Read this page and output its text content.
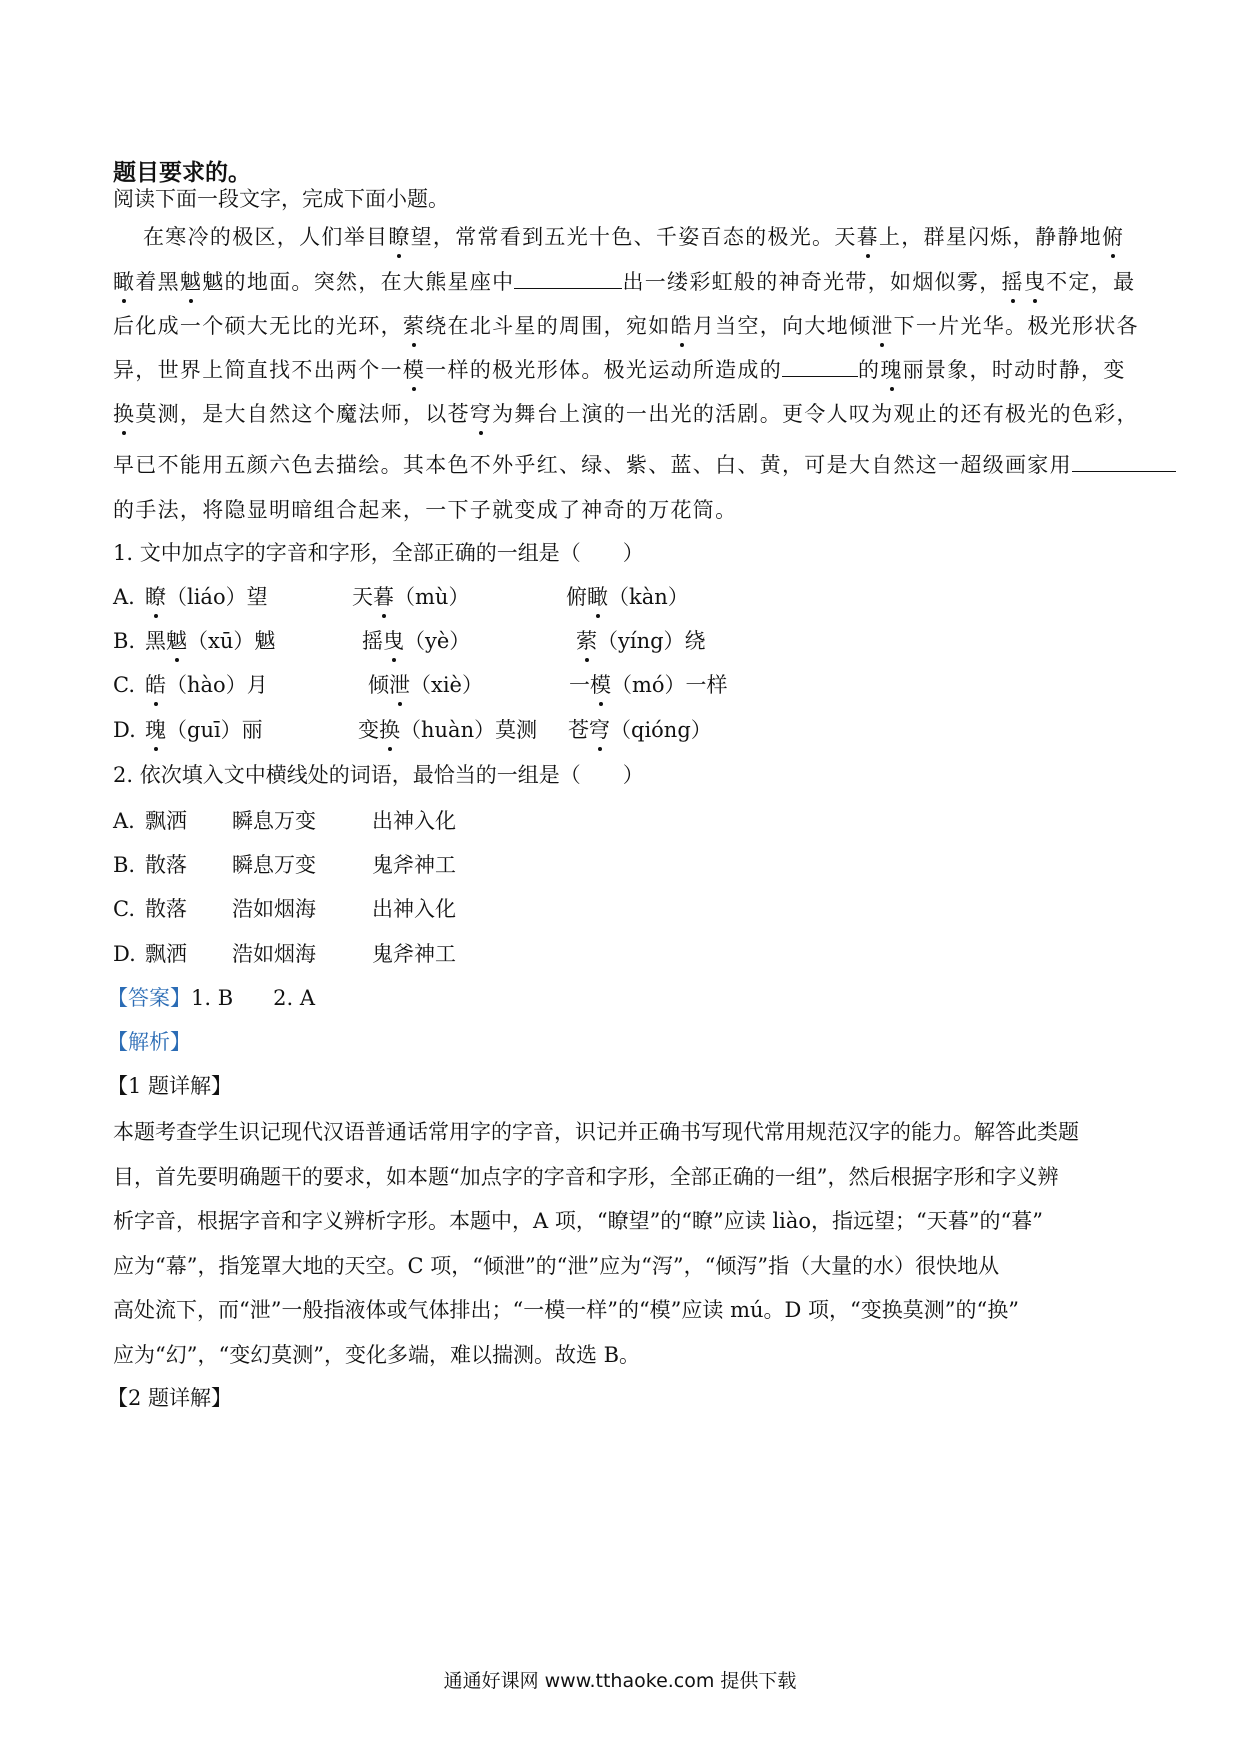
题目要求的。
阅读下面一段文字，完成下面小题。
在寒冷的极区，人们举目瞭望，常常看到五光十色、千姿百态的极光。天暮上，群星闪烁，静静地俯
瞰着黑魆魆的地面。突然，在大熊星座中	出一缕彩虹般的神奇光带，如烟似雾，摇曳不定，最
后化成一个硕大无比的光环，萦绕在北斗星的周围，宛如皓月当空，向大地倾泄下一片光华。极光形状各
异，世界上简直找不出两个一模一样的极光形体。极光运动所造成的	的瑰丽景象，时动时静，变
换莫测，是大自然这个魔法师，以苍穹为舞台上演的一出光的活剧。更令人叹为观止的还有极光的色彩，
早已不能用五颜六色去描绘。其本色不外乎红、绿、紫、蓝、白、黄，可是大自然这一超级画家用
的手法，将隐显明暗组合起来，一下子就变成了神奇的万花筒。
1. 文中加点字的字音和字形，全部正确的一组是（　　）
A. 瞭（liáo）望	天暮（mù）	俯瞰（kàn）
B. 黑魆（xū）魆	摇曳（yè）	萦（yíng）绕
C. 皓（hào）月	倾泄（xiè）	一模（mó）一样
D. 瑰（guī）丽	变换（huàn）莫测 苍穹（qióng）
2. 依次填入文中横线处的词语，最恰当的一组是（　　）
A. 飘洒 瞬息万变	出神入化
B. 散落 瞬息万变	鬼斧神工
C. 散落 浩如烟海	出神入化
D. 飘洒 浩如烟海	鬼斧神工
【答案】1. B 2. A
【解析】
【1 题详解】
本题考查学生识记现代汉语普通话常用字的字音，识记并正确书写现代常用规范汉字的能力。解答此类题
目，首先要明确题干的要求，如本题“加点字的字音和字形，全部正确的一组”，然后根据字形和字义辨
析字音，根据字音和字义辨析字形。本题中，A 项，“瞭望”的“瞭”应读 liào，指远望；“天暮”的“暮”
应为“幕”，指笼罩大地的天空。C 项，“倾泄”的“泄”应为“泻”，“倾泻”指（大量的水）很快地从
高处流下，而“泄”一般指液体或气体排出；“一模一样”的“模”应读 mú。D 项，“变换莫测”的“换”
应为“幻”，“变幻莫测”，变化多端，难以揣测。故选 B。
【2 题详解】
通通好课网 www.tthaoke.com 提供下载
